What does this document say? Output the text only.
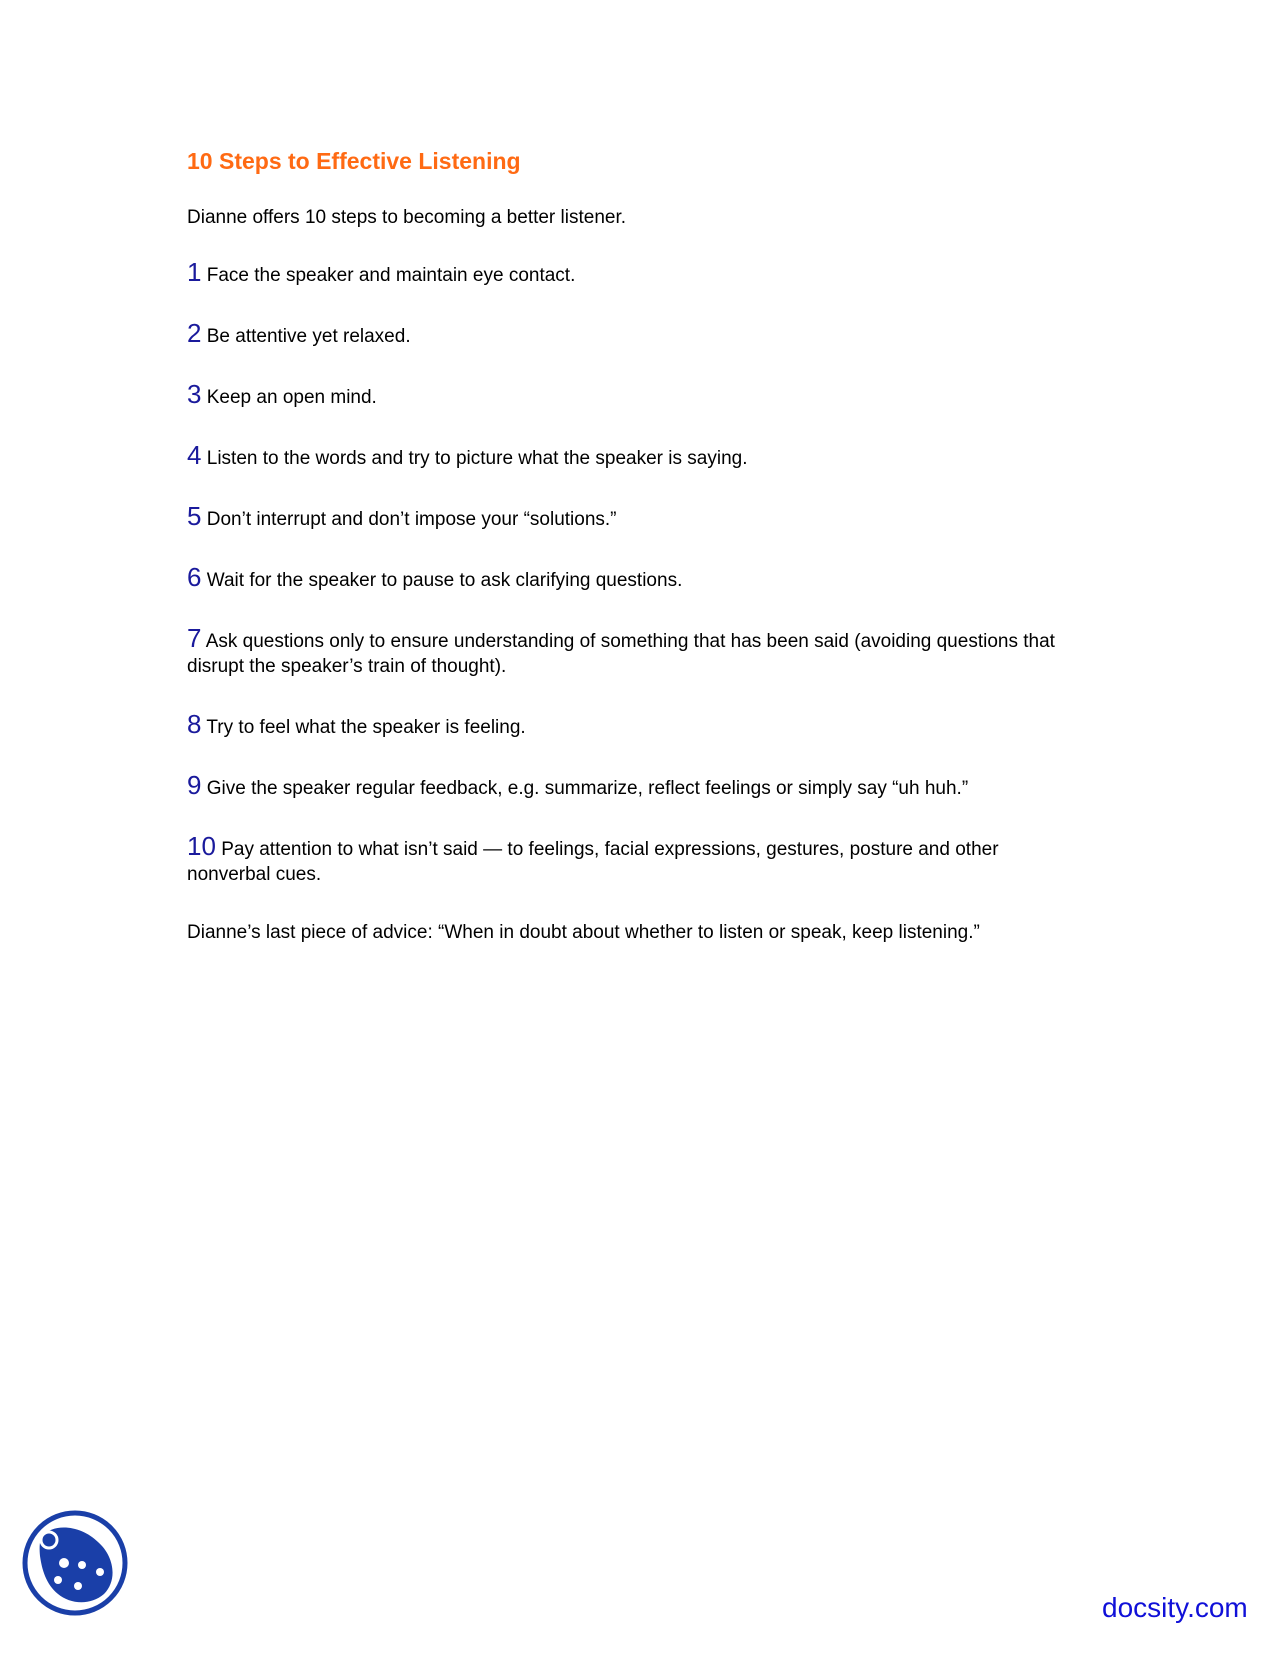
10 Steps to Effective Listening

Dianne offers 10 steps to becoming a better listener.

1 Face the speaker and maintain eye contact.

2 Be attentive yet relaxed.

3 Keep an open mind.

4 Listen to the words and try to picture what the speaker is saying.

5 Don’t interrupt and don’t impose your “solutions.”

6 Wait for the speaker to pause to ask clarifying questions.

7 Ask questions only to ensure understanding of something that has been said (avoiding questions that disrupt the speaker’s train of thought).

8 Try to feel what the speaker is feeling.

9 Give the speaker regular feedback, e.g. summarize, reflect feelings or simply say “uh huh.”

10 Pay attention to what isn’t said — to feelings, facial expressions, gestures, posture and other nonverbal cues.

Dianne’s last piece of advice: “When in doubt about whether to listen or speak, keep listening.”

docsity.com
